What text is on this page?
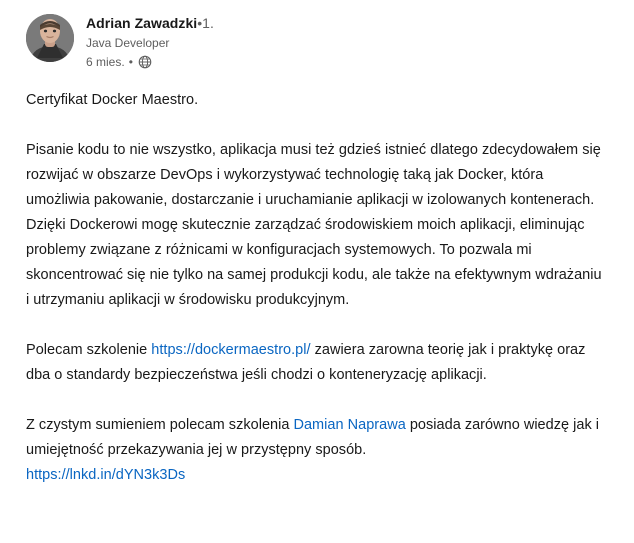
Adrian Zawadzki•1.
Java Developer
6 mies. •

Certyfikat Docker Maestro.

Pisanie kodu to nie wszystko, aplikacja musi też gdzieś istnieć dlatego zdecydowałem się rozwijać w obszarze DevOps i wykorzystywać technologię taką jak Docker, która umożliwia pakowanie, dostarczanie i uruchamianie aplikacji w izolowanych kontenerach. Dzięki Dockerowi mogę skutecznie zarządzać środowiskiem moich aplikacji, eliminując problemy związane z różnicami w konfiguracjach systemowych. To pozwala mi skoncentrować się nie tylko na samej produkcji kodu, ale także na efektywnym wdrażaniu i utrzymaniu aplikacji w środowisku produkcyjnym.

Polecam szkolenie https://dockermaestro.pl/ zawiera zarowna teorię jak i praktykę oraz dba o standardy bezpieczeństwa jeśli chodzi o konteneryzację aplikacji.

Z czystym sumieniem polecam szkolenia Damian Naprawa posiada zarówno wiedzę jak i umiejętność przekazywania jej w przystępny sposób.
https://lnkd.in/dYN3k3Ds
